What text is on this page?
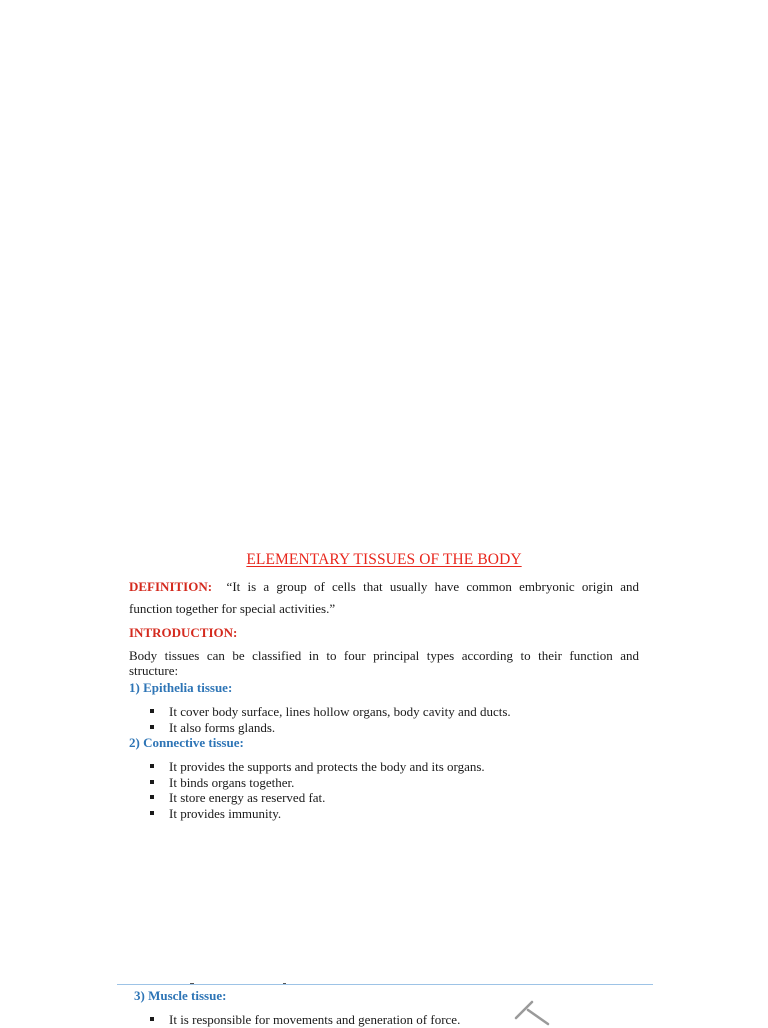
ELEMENTARY TISSUES OF THE BODY
DEFINITION: “It is a group of cells that usually have common embryonic origin and
function together for special activities.”
INTRODUCTION:
Body tissues can be classified in to four principal types according to their function and
structure:
1) Epithelia tissue:
It cover body surface, lines hollow organs, body cavity and ducts.
It also forms glands.
2) Connective tissue:
It provides the supports and protects the body and its organs.
It binds organs together.
It store energy as reserved fat.
It provides immunity.
3) Muscle tissue:
It is responsible for movements and generation of force.
